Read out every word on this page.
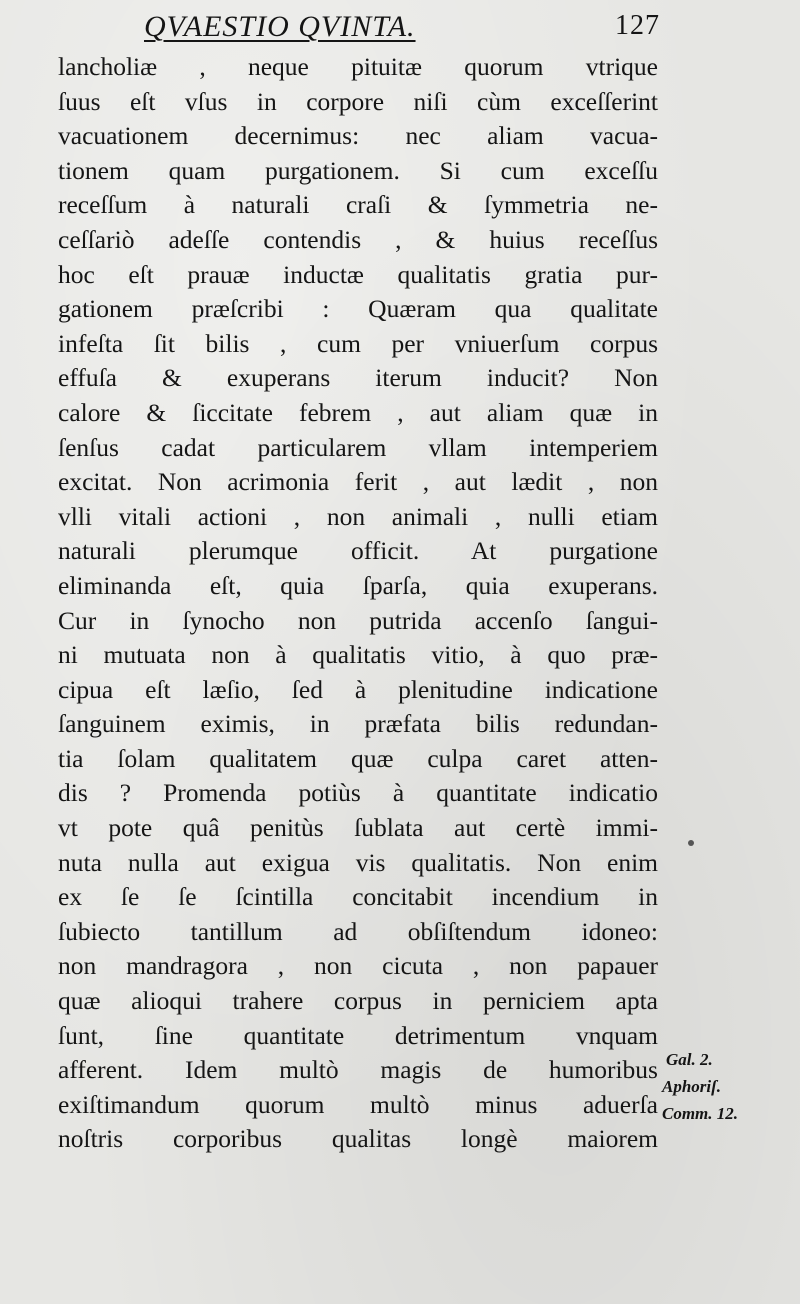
QVAESTIO QVINTA.	127
lancholiæ , neque pituitæ quorum vtrique
ſuus eſt vſus in corpore niſi cùm exceſſerint
vacuationem decernimus: nec aliam vacua-
tionem quam purgationem. Si cum exceſſu
receſſum à naturali craſi & ſymmetria ne-
ceſſariò adeſſe contendis , & huius receſſus
hoc eſt prauæ inductæ qualitatis gratia pur-
gationem præſcribi : Quæram qua qualitate
infeſta ſit bilis , cum per vniuerſum corpus
effuſa & exuperans iterum inducit? Non
calore & ſiccitate febrem , aut aliam quæ in
ſenſus cadat particularem vllam intemperiem
excitat. Non acrimonia ferit , aut lædit , non
vlli vitali actioni , non animali , nulli etiam
naturali plerumque officit. At purgatione
eliminanda eſt, quia ſparſa, quia exuperans.
Cur in ſynocho non putrida accenſo ſangui-
ni mutuata non à qualitatis vitio, à quo præ-
cipua eſt læſio, ſed à plenitudine indicatione
ſanguinem eximis, in præfata bilis redundan-
tia ſolam qualitatem quæ culpa caret atten-
dis ? Promenda potiùs à quantitate indicatio
vt pote quâ penitùs ſublata aut certè immi-
nuta nulla aut exigua vis qualitatis. Non enim
ex ſe ſe ſcintilla concitabit incendium in
ſubiecto tantillum ad obſiſtendum idoneo:
non mandragora , non cicuta , non papauer
quæ alioqui trahere corpus in perniciem apta
ſunt, ſine quantitate detrimentum vnquam
afferent. Idem multò magis de humoribus
exiſtimandum quorum multò minus aduerſa
noſtris corporibus qualitas longè maiorem
Gal. 2.
Aphoriſ.
Comm. 12.
